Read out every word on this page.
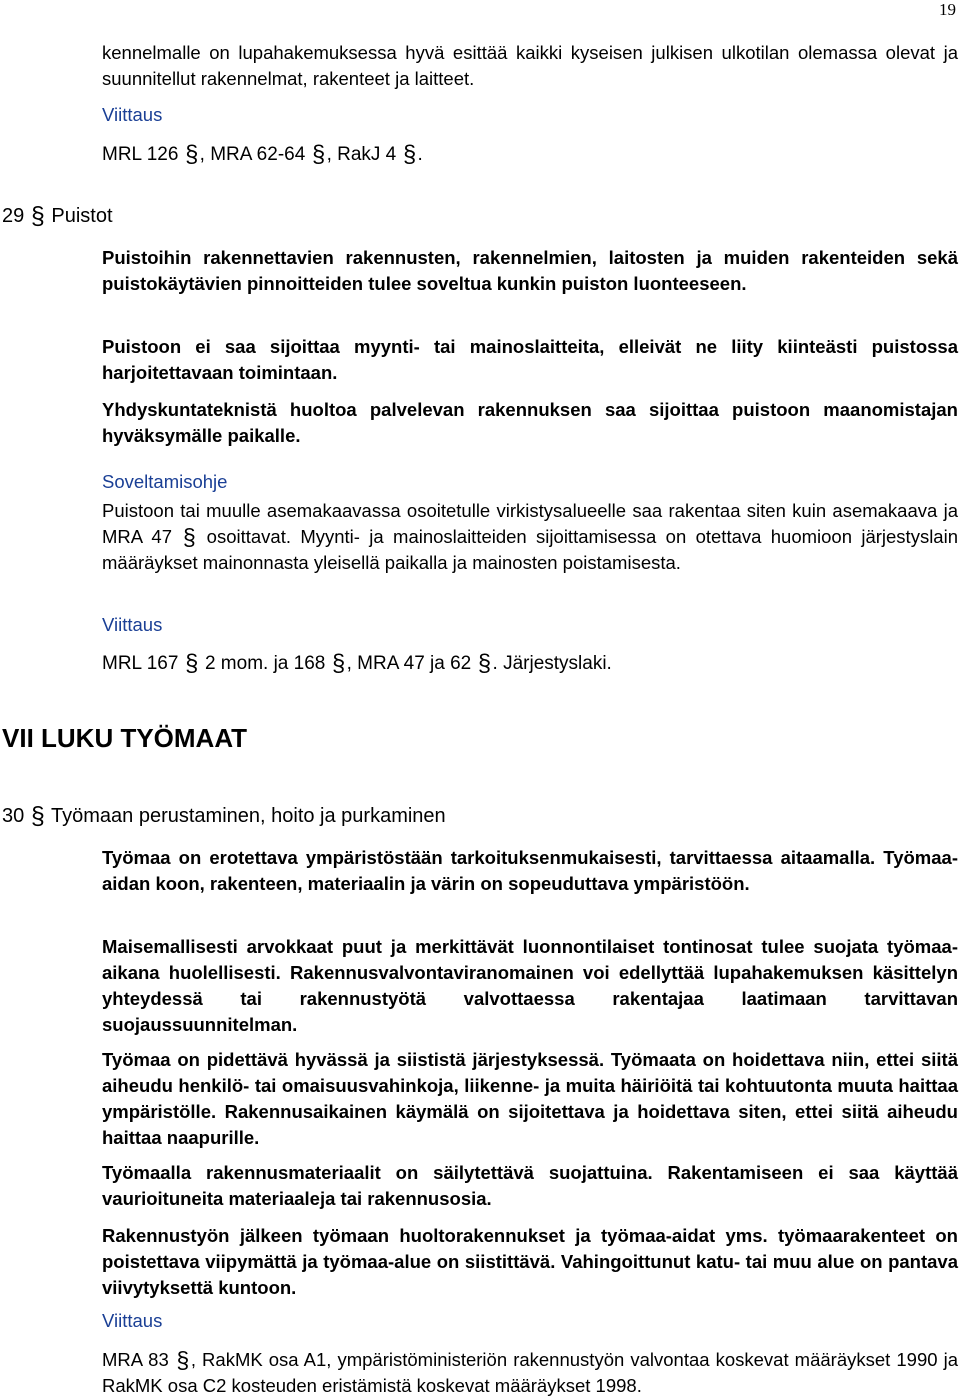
19

kennelmalle on lupahakemuksessa hyvä esittää kaikki kyseisen julkisen ulkotilan olemassa olevat ja suunnitellut rakennelmat, rakenteet ja laitteet.

Viittaus
MRL 126 §, MRA 62-64 §, RakJ 4 §.
29 § Puistot

Puistoihin rakennettavien rakennusten, rakennelmien, laitosten ja muiden rakenteiden sekä puistokäytävien pinnoitteiden tulee soveltua kunkin puiston luonteeseen.

Puistoon ei saa sijoittaa myynti- tai mainoslaitteita, elleivät ne liity kiinteästi puistossa harjoitettavaan toimintaan.

Yhdyskuntateknistä huoltoa palvelevan rakennuksen saa sijoittaa puistoon maanomistajan hyväksymälle paikalle.

Soveltamisohje

Puistoon tai muulle asemakaavassa osoitetulle virkistysalueelle saa rakentaa siten kuin asemakaava ja MRA 47 § osoittavat. Myynti- ja mainoslaitteiden sijoittamisessa on otettava huomioon järjestyslain määräykset mainonnasta yleisellä paikalla ja mainosten poistamisesta.

Viittaus
MRL 167 § 2 mom. ja 168 §, MRA 47 ja 62 §. Järjestyslaki.
VII LUKU TYÖMAAT
30 § Työmaan perustaminen, hoito ja purkaminen

Työmaa on erotettava ympäristöstään tarkoituksenmukaisesti, tarvittaessa aitaamalla. Työmaa-aidan koon, rakenteen, materiaalin ja värin on sopeuduttava ympäristöön.

Maisemallisesti arvokkaat puut ja merkittävät luonnontilaiset tontinosat tulee suojata työmaa-aikana huolellisesti. Rakennusvalvontaviranomainen voi edellyttää lupahakemuksen käsittelyn yhteydessä tai rakennustyötä valvottaessa rakentajaa laatimaan tarvittavan suojaussuunnitelman.

Työmaa on pidettävä hyvässä ja siististä järjestyksessä. Työmaata on hoidettava niin, ettei siitä aiheudu henkilö- tai omaisuusvahinkoja, liikenne- ja muita häiriöitä tai kohtuutonta muuta haittaa ympäristölle. Rakennusaikainen käymälä on sijoitettava ja hoidettava siten, ettei siitä aiheudu haittaa naapurille.

Työmaalla rakennusmateriaalit on säilytettävä suojattuina. Rakentamiseen ei saa käyttää vaurioituneita materiaaleja tai rakennusosia.

Rakennustyön jälkeen työmaan huoltorakennukset ja työmaa-aidat yms. työmaarakenteet on poistettava viipymättä ja työmaa-alue on siistittävä. Vahingoittunut katu- tai muu alue on pantava viivytyksettä kuntoon.

Viittaus

MRA 83 §, RakMK osa A1, ympäristöministeriön rakennustyön valvontaa koskevat määräykset 1990 ja RakMK osa C2 kosteuden eristämistä koskevat määräykset 1998.
